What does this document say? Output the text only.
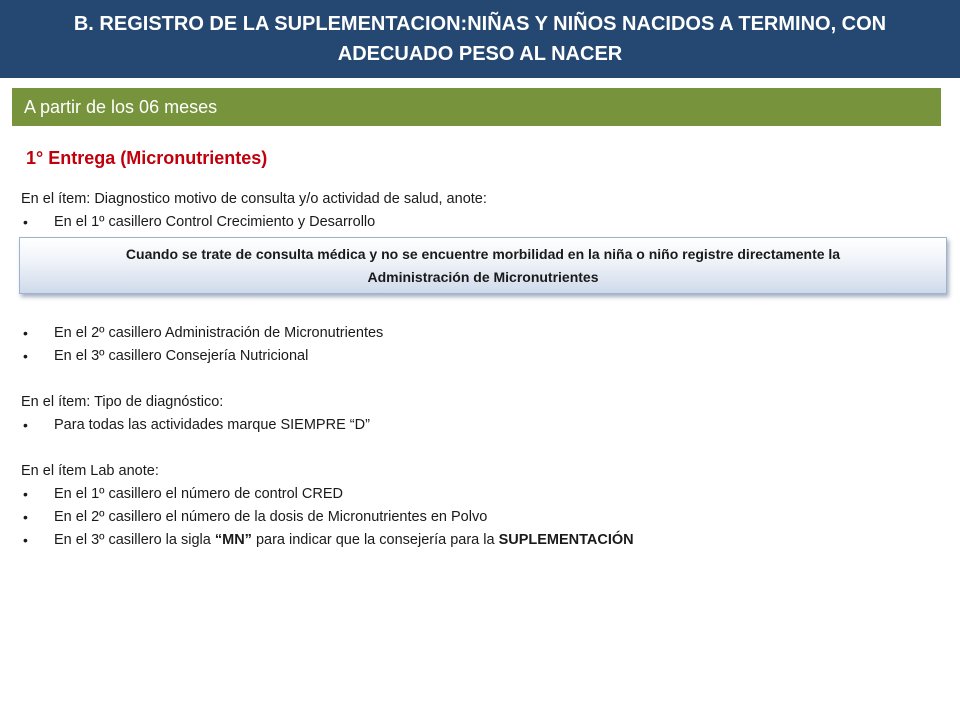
B. REGISTRO DE LA SUPLEMENTACION:NIÑAS Y NIÑOS NACIDOS A TERMINO, CON
ADECUADO PESO AL NACER
A partir de los 06 meses
1° Entrega (Micronutrientes)
En el ítem: Diagnostico motivo de consulta y/o actividad de salud, anote:
• En el 1º casillero Control Crecimiento y Desarrollo
Cuando se trate de consulta médica y no se encuentre morbilidad en la niña o niño registre directamente la
Administración de Micronutrientes
• En el 2º casillero Administración de Micronutrientes
• En el 3º casillero Consejería Nutricional
En el ítem: Tipo de diagnóstico:
• Para todas las actividades marque SIEMPRE “D”
En el ítem Lab anote:
• En el 1º casillero el número de control CRED
• En el 2º casillero el número de la dosis de Micronutrientes en Polvo
• En el 3º casillero la sigla “MN” para indicar que la consejería para la SUPLEMENTACIÓN
